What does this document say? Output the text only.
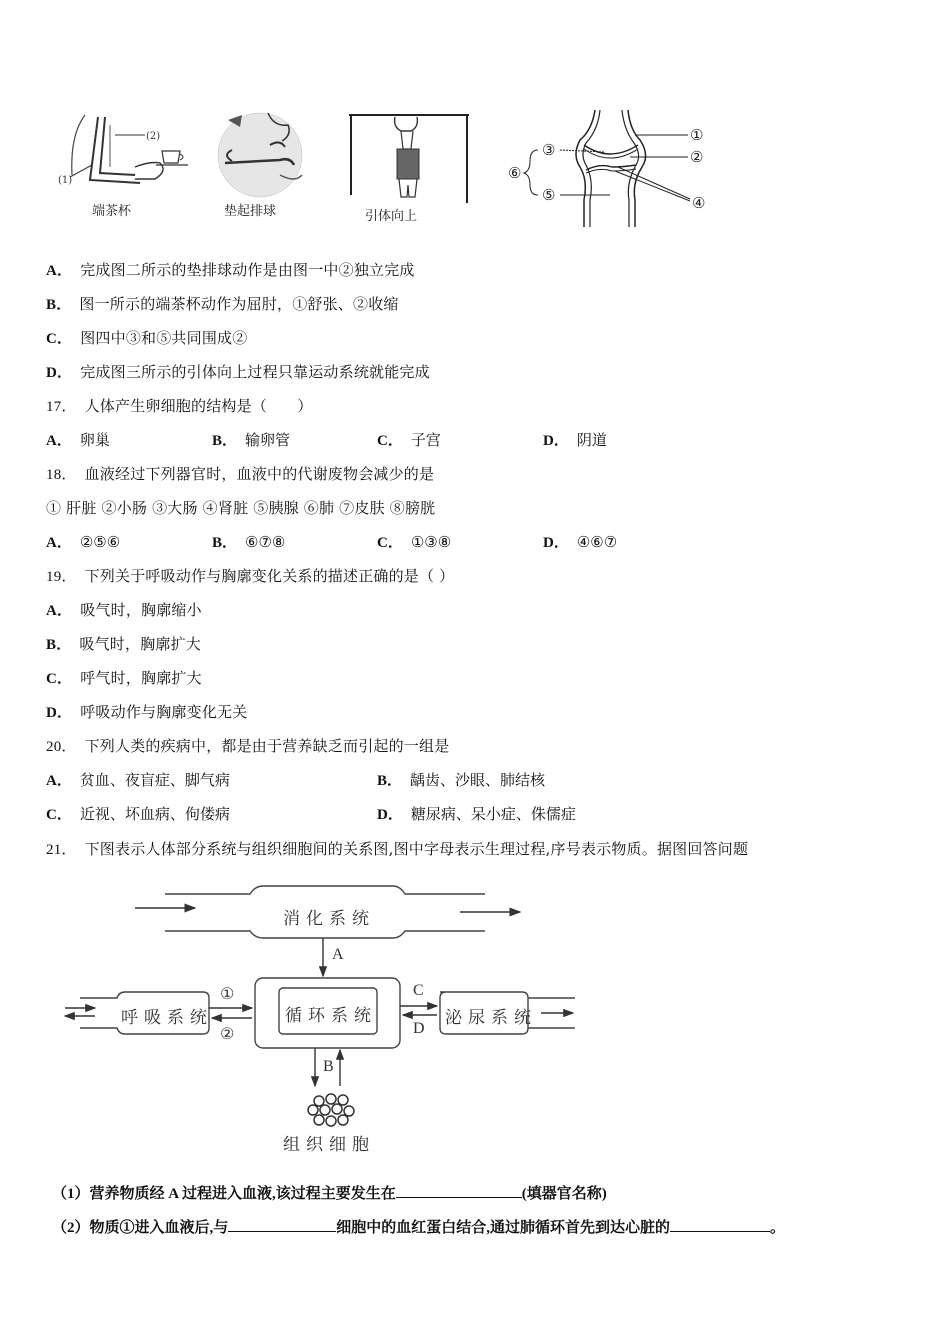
(2)
(1)
端茶杯	垫起排球	引体向上
①
②
③
④
⑤
⑥
A． 完成图二所示的垫排球动作是由图一中②独立完成
B． 图一所示的端茶杯动作为屈肘，①舒张、②收缩
C． 图四中③和⑤共同围成②
D． 完成图三所示的引体向上过程只靠运动系统就能完成
17． 人体产生卵细胞的结构是（　　）
A． 卵巢	B． 输卵管	C． 子宫	D． 阴道
18． 血液经过下列器官时，血液中的代谢废物会减少的是
① 肝脏 ②小肠 ③大肠 ④肾脏 ⑤胰腺 ⑥肺 ⑦皮肤 ⑧膀胱
A． ②⑤⑥	B． ⑥⑦⑧	C． ①③⑧	D． ④⑥⑦
19． 下列关于呼吸动作与胸廓变化关系的描述正确的是（ ）
A． 吸气时，胸廓缩小
B． 吸气时，胸廓扩大
C． 呼气时，胸廓扩大
D． 呼吸动作与胸廓变化无关
20． 下列人类的疾病中，都是由于营养缺乏而引起的一组是
A． 贫血、夜盲症、脚气病	B． 龋齿、沙眼、肺结核
C． 近视、坏血病、佝偻病	D． 糖尿病、呆小症、侏儒症
21． 下图表示人体部分系统与组织细胞间的关系图,图中字母表示生理过程,序号表示物质。据图回答问题
消化系统
呼吸系统	循环系统	泌尿系统
组织细胞
A
B
C
D
①
②
（1）营养物质经 A 过程进入血液,该过程主要发生在	(填器官名称)
（2）物质①进入血液后,与	细胞中的血红蛋白结合,通过肺循环首先到达心脏的	。
